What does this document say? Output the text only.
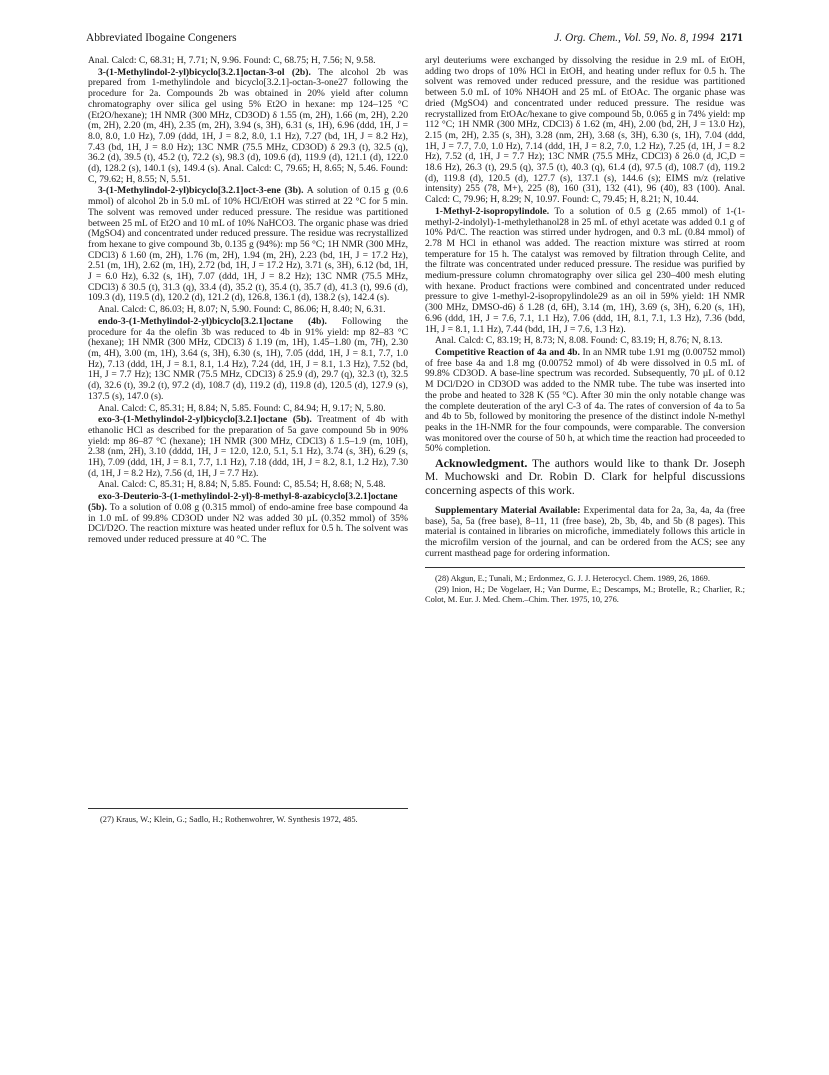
Abbreviated Ibogaine Congeners	J. Org. Chem., Vol. 59, No. 8, 1994 2171

Anal. Calcd: C, 68.31; H, 7.71; N, 9.96. Found: C, 68.75; H, 7.56; N, 9.58.

3-(1-Methylindol-2-yl)bicyclo[3.2.1]octan-3-ol (2b). The alcohol 2b was prepared from 1-methylindole and bicyclo[3.2.1]-octan-3-one27 following the procedure for 2a. Compounds 2b was obtained in 20% yield after column chromatography over silica gel using 5% Et2O in hexane: mp 124–125 °C (Et2O/hexane); 1H NMR (300 MHz, CD3OD) δ 1.55 (m, 2H), 1.66 (m, 2H), 2.20 (m, 2H), 2.20 (m, 4H), 2.35 (m, 2H), 3.94 (s, 3H), 6.31 (s, 1H), 6.96 (ddd, 1H, J = 8.0, 8.0, 1.0 Hz), 7.09 (ddd, 1H, J = 8.2, 8.0, 1.1 Hz), 7.27 (bd, 1H, J = 8.2 Hz), 7.43 (bd, 1H, J = 8.0 Hz); 13C NMR (75.5 MHz, CD3OD) δ 29.3 (t), 32.5 (q), 36.2 (d), 39.5 (t), 45.2 (t), 72.2 (s), 98.3 (d), 109.6 (d), 119.9 (d), 121.1 (d), 122.0 (d), 128.2 (s), 140.1 (s), 149.4 (s). Anal. Calcd: C, 79.65; H, 8.65; N, 5.46. Found: C, 79.62; H, 8.55; N, 5.51.

3-(1-Methylindol-2-yl)bicyclo[3.2.1]oct-3-ene (3b). A solution of 0.15 g (0.6 mmol) of alcohol 2b in 5.0 mL of 10% HCl/EtOH was stirred at 22 °C for 5 min. The solvent was removed under reduced pressure. The residue was partitioned between 25 mL of Et2O and 10 mL of 10% NaHCO3. The organic phase was dried (MgSO4) and concentrated under reduced pressure. The residue was recrystallized from hexane to give compound 3b, 0.135 g (94%): mp 56 °C; 1H NMR (300 MHz, CDCl3) δ 1.60 (m, 2H), 1.76 (m, 2H), 1.94 (m, 2H), 2.23 (bd, 1H, J = 17.2 Hz), 2.51 (m, 1H), 2.62 (m, 1H), 2.72 (bd, 1H, J = 17.2 Hz), 3.71 (s, 3H), 6.12 (bd, 1H, J = 6.0 Hz), 6.32 (s, 1H), 7.07 (ddd, 1H, J = 8.2 Hz); 13C NMR (75.5 MHz, CDCl3) δ 30.5 (t), 31.3 (q), 33.4 (d), 35.2 (t), 35.4 (t), 35.7 (d), 41.3 (t), 99.6 (d), 109.3 (d), 119.5 (d), 120.2 (d), 121.2 (d), 126.8, 136.1 (d), 138.2 (s), 142.4 (s).

Anal. Calcd: C, 86.03; H, 8.07; N, 5.90. Found: C, 86.06; H, 8.40; N, 6.31.

endo-3-(1-Methylindol-2-yl)bicyclo[3.2.1]octane (4b). Following the procedure for 4a the olefin 3b was reduced to 4b in 91% yield: mp 82–83 °C (hexane); 1H NMR (300 MHz, CDCl3) δ 1.19 (m, 1H), 1.45–1.80 (m, 7H), 2.30 (m, 4H), 3.00 (m, 1H), 3.64 (s, 3H), 6.30 (s, 1H), 7.05 (ddd, 1H, J = 8.1, 7.7, 1.0 Hz), 7.13 (ddd, 1H, J = 8.1, 8.1, 1.4 Hz), 7.24 (dd, 1H, J = 8.1, 1.3 Hz), 7.52 (bd, 1H, J = 7.7 Hz); 13C NMR (75.5 MHz, CDCl3) δ 25.9 (d), 29.7 (q), 32.3 (t), 32.5 (d), 32.6 (t), 39.2 (t), 97.2 (d), 108.7 (d), 119.2 (d), 119.8 (d), 120.5 (d), 127.9 (s), 137.5 (s), 147.0 (s).

Anal. Calcd: C, 85.31; H, 8.84; N, 5.85. Found: C, 84.94; H, 9.17; N, 5.80.

exo-3-(1-Methylindol-2-yl)bicyclo[3.2.1]octane (5b). Treatment of 4b with ethanolic HCl as described for the preparation of 5a gave compound 5b in 90% yield: mp 86–87 °C (hexane); 1H NMR (300 MHz, CDCl3) δ 1.5–1.9 (m, 10H), 2.38 (nm, 2H), 3.10 (dddd, 1H, J = 12.0, 12.0, 5.1, 5.1 Hz), 3.74 (s, 3H), 6.29 (s, 1H), 7.09 (ddd, 1H, J = 8.1, 7.7, 1.1 Hz), 7.18 (ddd, 1H, J = 8.2, 8.1, 1.2 Hz), 7.30 (d, 1H, J = 8.2 Hz), 7.56 (d, 1H, J = 7.7 Hz).

Anal. Calcd: C, 85.31; H, 8.84; N, 5.85. Found: C, 85.54; H, 8.68; N, 5.48.

exo-3-Deuterio-3-(1-methylindol-2-yl)-8-methyl-8-azabicyclo[3.2.1]octane (5b). To a solution of 0.08 g (0.315 mmol) of endo-amine free base compound 4a in 1.0 mL of 99.8% CD3OD under N2 was added 30 µL (0.352 mmol) of 35% DCl/D2O. The reaction mixture was heated under reflux for 0.5 h. The solvent was removed under reduced pressure at 40 °C. The

(27) Kraus, W.; Klein, G.; Sadlo, H.; Rothenwohrer, W. Synthesis 1972, 485.

aryl deuteriums were exchanged by dissolving the residue in 2.9 mL of EtOH, adding two drops of 10% HCl in EtOH, and heating under reflux for 0.5 h. The solvent was removed under reduced pressure, and the residue was partitioned between 5.0 mL of 10% NH4OH and 25 mL of EtOAc. The organic phase was dried (MgSO4) and concentrated under reduced pressure. The residue was recrystallized from EtOAc/hexane to give compound 5b, 0.065 g in 74% yield: mp 112 °C; 1H NMR (300 MHz, CDCl3) δ 1.62 (m, 4H), 2.00 (bd, 2H, J = 13.0 Hz), 2.15 (m, 2H), 2.35 (s, 3H), 3.28 (nm, 2H), 3.68 (s, 3H), 6.30 (s, 1H), 7.04 (ddd, 1H, J = 7.7, 7.0, 1.0 Hz), 7.14 (ddd, 1H, J = 8.2, 7.0, 1.2 Hz), 7.25 (d, 1H, J = 8.2 Hz), 7.52 (d, 1H, J = 7.7 Hz); 13C NMR (75.5 MHz, CDCl3) δ 26.0 (d, JC,D = 18.6 Hz), 26.3 (t), 29.5 (q), 37.5 (t), 40.3 (q), 61.4 (d), 97.5 (d), 108.7 (d), 119.2 (d), 119.8 (d), 120.5 (d), 127.7 (s), 137.1 (s), 144.6 (s); EIMS m/z (relative intensity) 255 (78, M+), 225 (8), 160 (31), 132 (41), 96 (40), 83 (100). Anal. Calcd: C, 79.96; H, 8.29; N, 10.97. Found: C, 79.45; H, 8.21; N, 10.44.

1-Methyl-2-isopropylindole. To a solution of 0.5 g (2.65 mmol) of 1-(1-methyl-2-indolyl)-1-methylethanol28 in 25 mL of ethyl acetate was added 0.1 g of 10% Pd/C. The reaction was stirred under hydrogen, and 0.3 mL (0.84 mmol) of 2.78 M HCl in ethanol was added. The reaction mixture was stirred at room temperature for 15 h. The catalyst was removed by filtration through Celite, and the filtrate was concentrated under reduced pressure. The residue was purified by medium-pressure column chromatography over silica gel 230–400 mesh eluting with hexane. Product fractions were combined and concentrated under reduced pressure to give 1-methyl-2-isopropylindole29 as an oil in 59% yield: 1H NMR (300 MHz, DMSO-d6) δ 1.28 (d, 6H), 3.14 (m, 1H), 3.69 (s, 3H), 6.20 (s, 1H), 6.96 (ddd, 1H, J = 7.6, 7.1, 1.1 Hz), 7.06 (ddd, 1H, 8.1, 7.1, 1.3 Hz), 7.36 (bdd, 1H, J = 8.1, 1.1 Hz), 7.44 (bdd, 1H, J = 7.6, 1.3 Hz).

Anal. Calcd: C, 83.19; H, 8.73; N, 8.08. Found: C, 83.19; H, 8.76; N, 8.13.

Competitive Reaction of 4a and 4b. In an NMR tube 1.91 mg (0.00752 mmol) of free base 4a and 1.8 mg (0.00752 mmol) of 4b were dissolved in 0.5 mL of 99.8% CD3OD. A base-line spectrum was recorded. Subsequently, 70 µL of 0.12 M DCl/D2O in CD3OD was added to the NMR tube. The tube was inserted into the probe and heated to 328 K (55 °C). After 30 min the only notable change was the complete deuteration of the aryl C-3 of 4a. The rates of conversion of 4a to 5a and 4b to 5b, followed by monitoring the presence of the distinct indole N-methyl peaks in the 1H-NMR for the four compounds, were comparable. The conversion was monitored over the course of 50 h, at which time the reaction had proceeded to 50% completion.

Acknowledgment. The authors would like to thank Dr. Joseph M. Muchowski and Dr. Robin D. Clark for helpful discussions concerning aspects of this work.

Supplementary Material Available: Experimental data for 2a, 3a, 4a, 4a (free base), 5a, 5a (free base), 8–11, 11 (free base), 2b, 3b, 4b, and 5b (8 pages). This material is contained in libraries on microfiche, immediately follows this article in the microfilm version of the journal, and can be ordered from the ACS; see any current masthead page for ordering information.

(28) Akgun, E.; Tunali, M.; Erdonmez, G. J. J. Heterocycl. Chem. 1989, 26, 1869.

(29) Inion, H.; De Vogelaer, H.; Van Durme, E.; Descamps, M.; Brotelle, R.; Charlier, R.; Colot, M. Eur. J. Med. Chem.–Chim. Ther. 1975, 10, 276.
